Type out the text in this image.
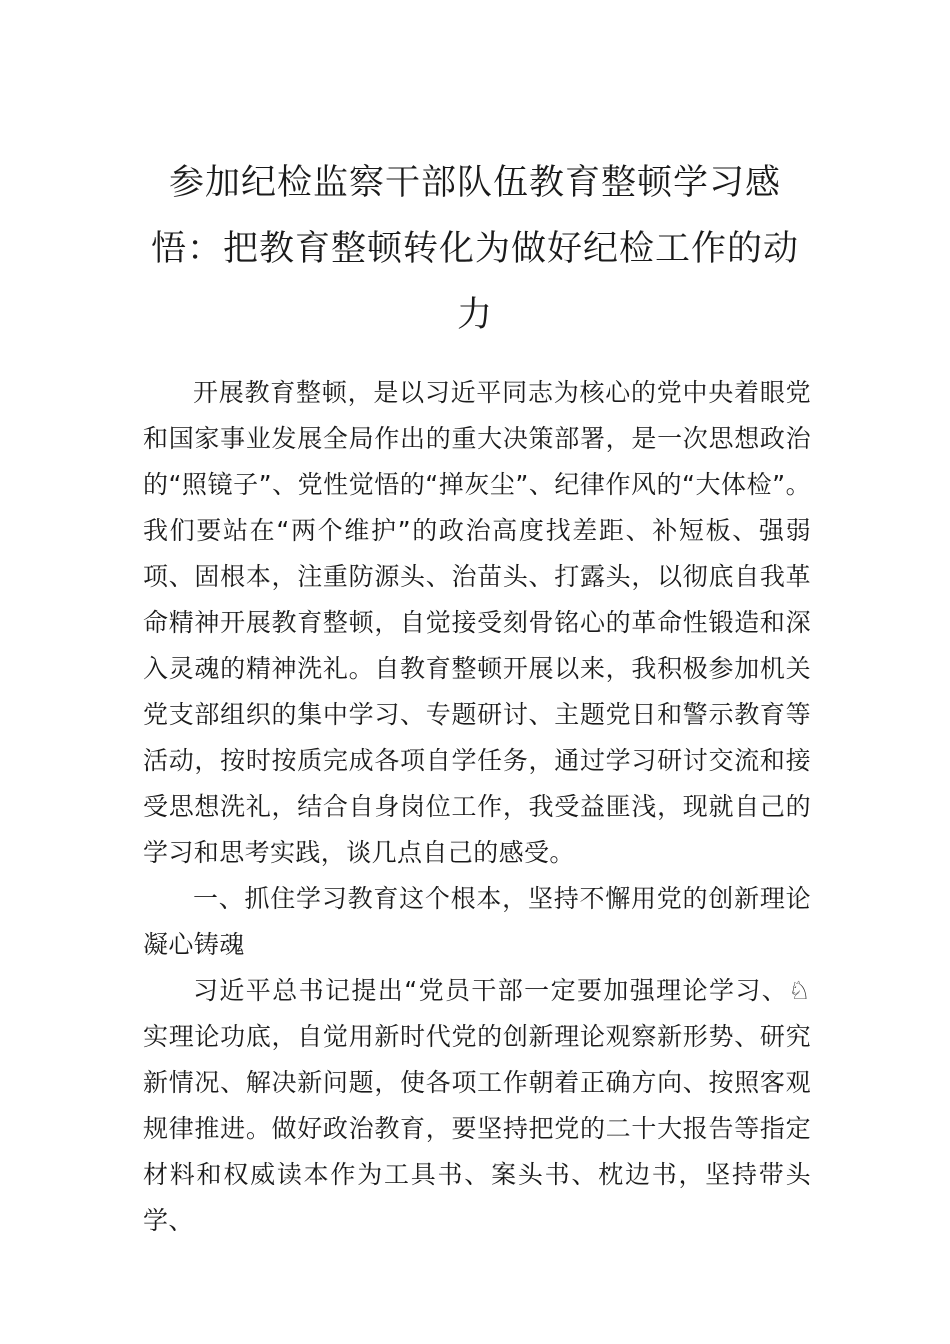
参加纪检监察干部队伍教育整顿学习感悟：把教育整顿转化为做好纪检工作的动力

开展教育整顿，是以习近平同志为核心的党中央着眼党和国家事业发展全局作出的重大决策部署，是一次思想政治的“照镜子”、党性觉悟的“掸灰尘”、纪律作风的“大体检”。我们要站在“两个维护”的政治高度找差距、补短板、强弱项、固根本，注重防源头、治苗头、打露头，以彻底自我革命精神开展教育整顿，自觉接受刻骨铭心的革命性锻造和深入灵魂的精神洗礼。自教育整顿开展以来，我积极参加机关党支部组织的集中学习、专题研讨、主题党日和警示教育等活动，按时按质完成各项自学任务，通过学习研讨交流和接受思想洗礼，结合自身岗位工作，我受益匪浅，现就自己的学习和思考实践，谈几点自己的感受。

一、抓住学习教育这个根本，坚持不懈用党的创新理论凝心铸魂

习近平总书记提出“党员干部一定要加强理论学习、♘实理论功底，自觉用新时代党的创新理论观察新形势、研究新情况、解决新问题，使各项工作朝着正确方向、按照客观规律推进。做好政治教育，要坚持把党的二十大报告等指定材料和权威读本作为工具书、案头书、枕边书，坚持带头学、
